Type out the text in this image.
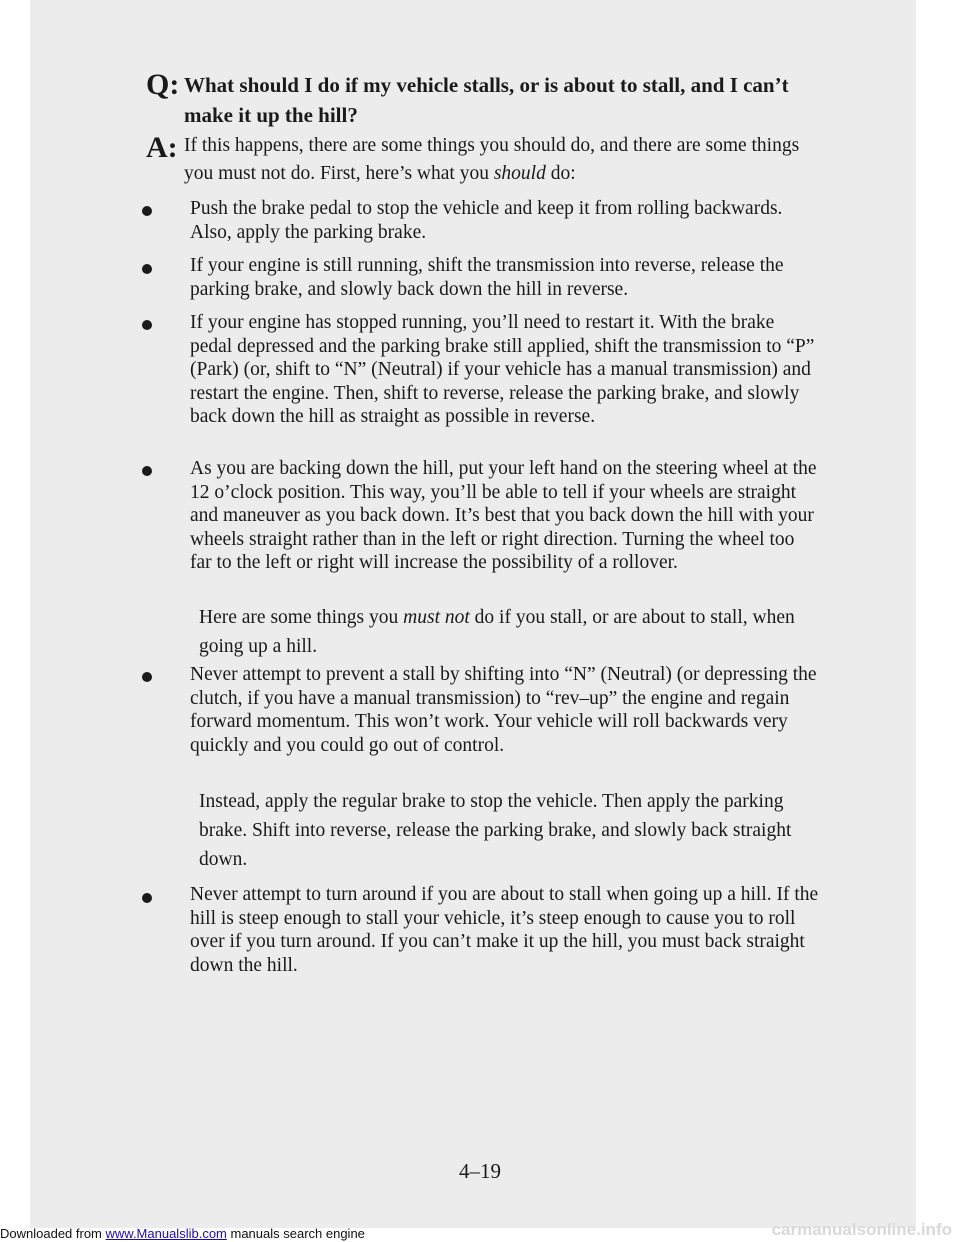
Q: What should I do if my vehicle stalls, or is about to stall, and I can’t make it up the hill?
A: If this happens, there are some things you should do, and there are some things you must not do. First, here’s what you should do:
Push the brake pedal to stop the vehicle and keep it from rolling backwards. Also, apply the parking brake.
If your engine is still running, shift the transmission into reverse, release the parking brake, and slowly back down the hill in reverse.
If your engine has stopped running, you’ll need to restart it. With the brake pedal depressed and the parking brake still applied, shift the transmission to “P” (Park) (or, shift to “N” (Neutral) if your vehicle has a manual transmission) and restart the engine. Then, shift to reverse, release the parking brake, and slowly back down the hill as straight as possible in reverse.
As you are backing down the hill, put your left hand on the steering wheel at the 12 o’clock position. This way, you’ll be able to tell if your wheels are straight and maneuver as you back down. It’s best that you back down the hill with your wheels straight rather than in the left or right direction. Turning the wheel too far to the left or right will increase the possibility of a rollover.
Here are some things you must not do if you stall, or are about to stall, when going up a hill.
Never attempt to prevent a stall by shifting into “N” (Neutral) (or depressing the clutch, if you have a manual transmission) to “rev–up” the engine and regain forward momentum. This won’t work. Your vehicle will roll backwards very quickly and you could go out of control.
Instead, apply the regular brake to stop the vehicle. Then apply the parking brake. Shift into reverse, release the parking brake, and slowly back straight down.
Never attempt to turn around if you are about to stall when going up a hill. If the hill is steep enough to stall your vehicle, it’s steep enough to cause you to roll over if you turn around. If you can’t make it up the hill, you must back straight down the hill.
4–19
Downloaded from www.Manualslib.com manuals search engine	carmanualsonline.info
